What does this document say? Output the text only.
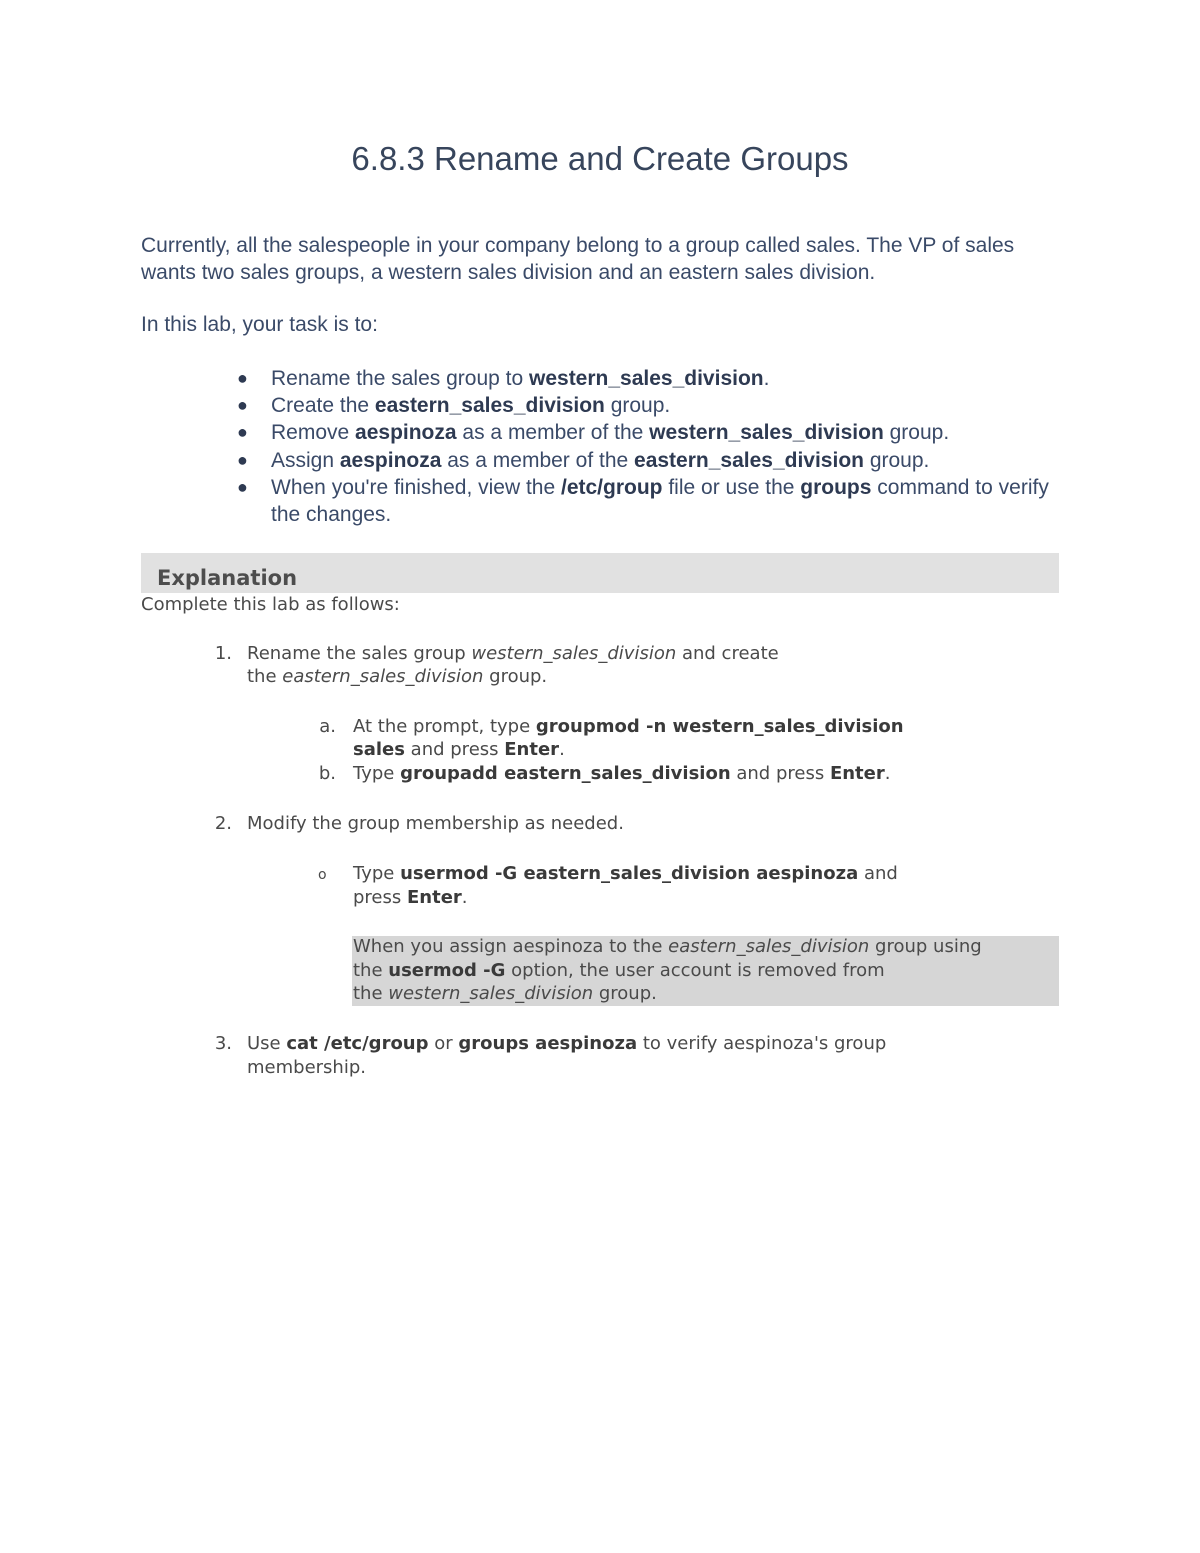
6.8.3 Rename and Create Groups

Currently, all the salespeople in your company belong to a group called sales. The VP of sales wants two sales groups, a western sales division and an eastern sales division.

In this lab, your task is to:

● Rename the sales group to western_sales_division.
● Create the eastern_sales_division group.
● Remove aespinoza as a member of the western_sales_division group.
● Assign aespinoza as a member of the eastern_sales_division group.
● When you're finished, view the /etc/group file or use the groups command to verify the changes.
Explanation

Complete this lab as follows:

1. Rename the sales group western_sales_division and create

the eastern_sales_division group.

a. At the prompt, type groupmod -n western_sales_division

sales and press Enter.

b. Type groupadd eastern_sales_division and press Enter.

2. Modify the group membership as needed.

o Type usermod -G eastern_sales_division aespinoza and

press Enter.

When you assign aespinoza to the eastern_sales_division group using

the usermod -G option, the user account is removed from

the western_sales_division group.

3. Use cat /etc/group or groups aespinoza to verify aespinoza's group

membership.
